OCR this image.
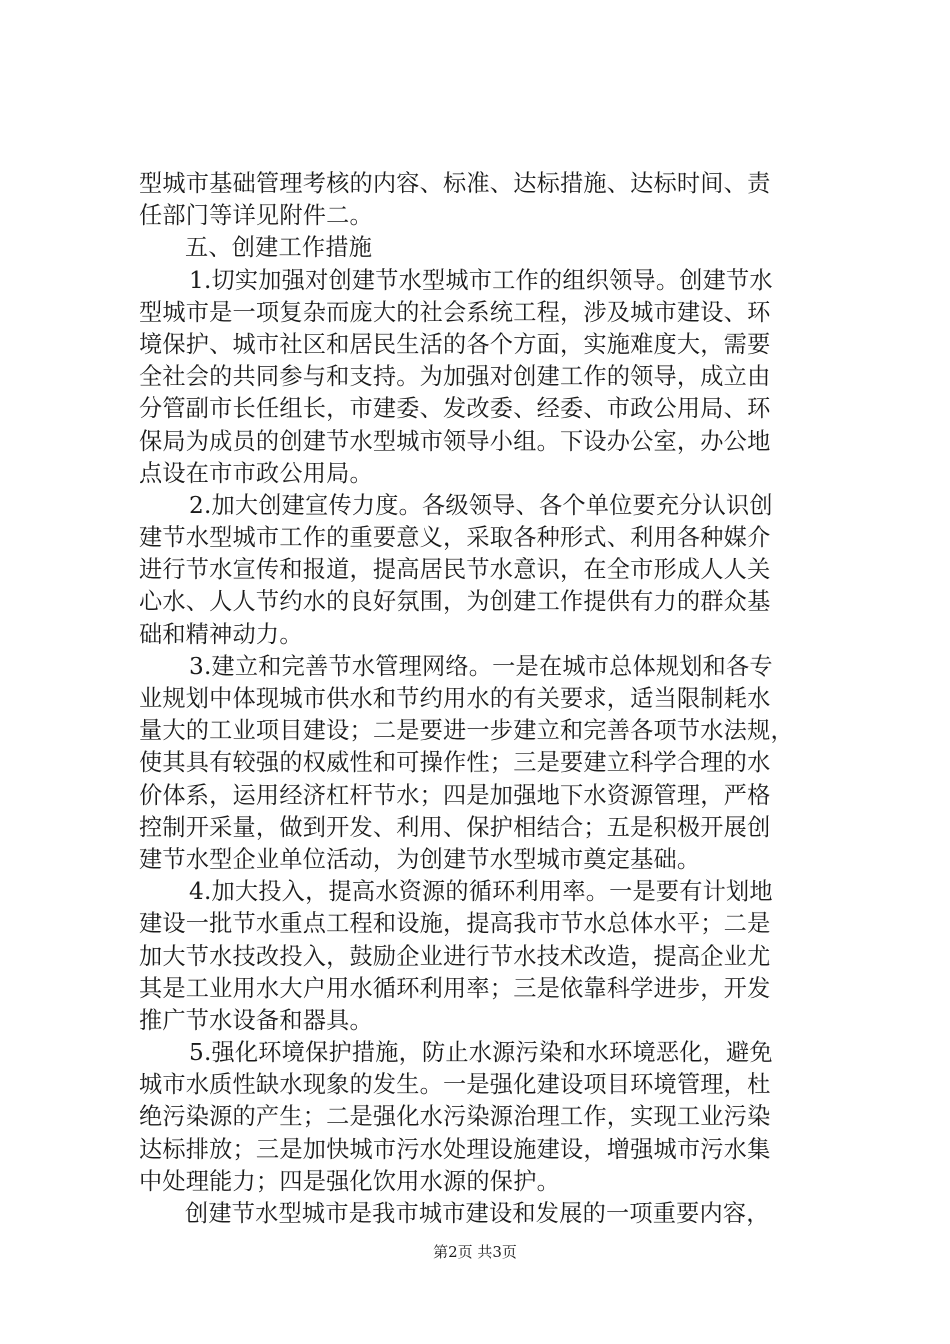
型城市基础管理考核的内容、标准、达标措施、达标时间、责
任部门等详见附件二。
五、创建工作措施
1.切实加强对创建节水型城市工作的组织领导。创建节水
型城市是一项复杂而庞大的社会系统工程，涉及城市建设、环
境保护、城市社区和居民生活的各个方面，实施难度大，需要
全社会的共同参与和支持。为加强对创建工作的领导，成立由
分管副市长任组长，市建委、发改委、经委、市政公用局、环
保局为成员的创建节水型城市领导小组。下设办公室，办公地
点设在市市政公用局。
2.加大创建宣传力度。各级领导、各个单位要充分认识创
建节水型城市工作的重要意义，采取各种形式、利用各种媒介
进行节水宣传和报道，提高居民节水意识，在全市形成人人关
心水、人人节约水的良好氛围，为创建工作提供有力的群众基
础和精神动力。
3.建立和完善节水管理网络。一是在城市总体规划和各专
业规划中体现城市供水和节约用水的有关要求，适当限制耗水
量大的工业项目建设；二是要进一步建立和完善各项节水法规，
使其具有较强的权威性和可操作性；三是要建立科学合理的水
价体系，运用经济杠杆节水；四是加强地下水资源管理，严格
控制开采量，做到开发、利用、保护相结合；五是积极开展创
建节水型企业单位活动，为创建节水型城市奠定基础。
4.加大投入，提高水资源的循环利用率。一是要有计划地
建设一批节水重点工程和设施，提高我市节水总体水平；二是
加大节水技改投入，鼓励企业进行节水技术改造，提高企业尤
其是工业用水大户用水循环利用率；三是依靠科学进步，开发
推广节水设备和器具。
5.强化环境保护措施，防止水源污染和水环境恶化，避免
城市水质性缺水现象的发生。一是强化建设项目环境管理，杜
绝污染源的产生；二是强化水污染源治理工作，实现工业污染
达标排放；三是加快城市污水处理设施建设，增强城市污水集
中处理能力；四是强化饮用水源的保护。
创建节水型城市是我市城市建设和发展的一项重要内容，
第2页 共3页
